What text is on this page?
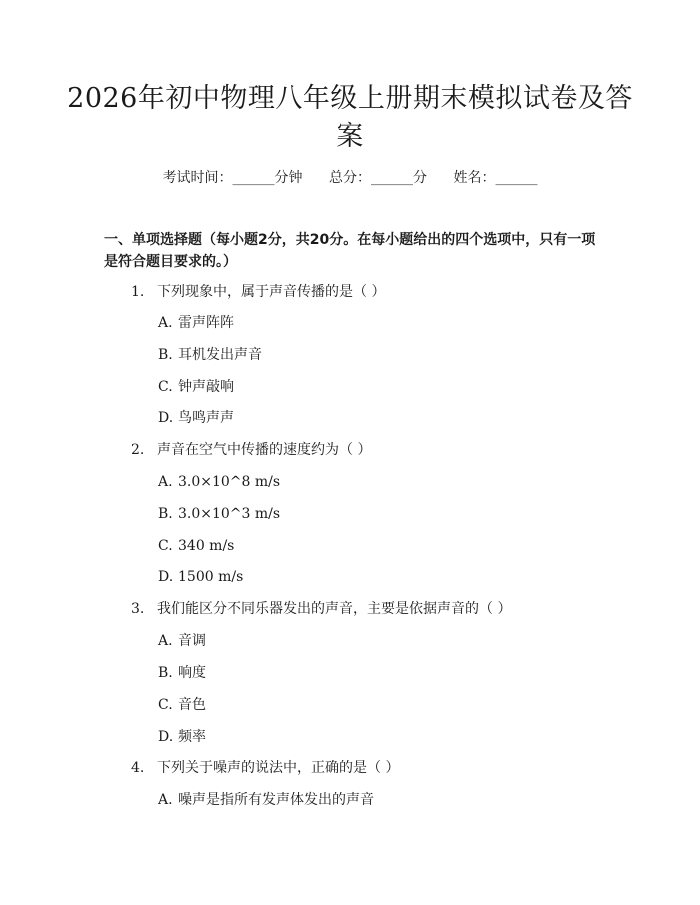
2026年初中物理八年级上册期末模拟试卷及答案
考试时间：______分钟 总分：______分 姓名：______
一、单项选择题（每小题2分，共20分。在每小题给出的四个选项中，只有一项是符合题目要求的。）
1. 下列现象中，属于声音传播的是（ ）
A. 雷声阵阵
B. 耳机发出声音
C. 钟声敲响
D. 鸟鸣声声
2. 声音在空气中传播的速度约为（ ）
A. 3.0×10^8 m/s
B. 3.0×10^3 m/s
C. 340 m/s
D. 1500 m/s
3. 我们能区分不同乐器发出的声音，主要是依据声音的（ ）
A. 音调
B. 响度
C. 音色
D. 频率
4. 下列关于噪声的说法中，正确的是（ ）
A. 噪声是指所有发声体发出的声音
